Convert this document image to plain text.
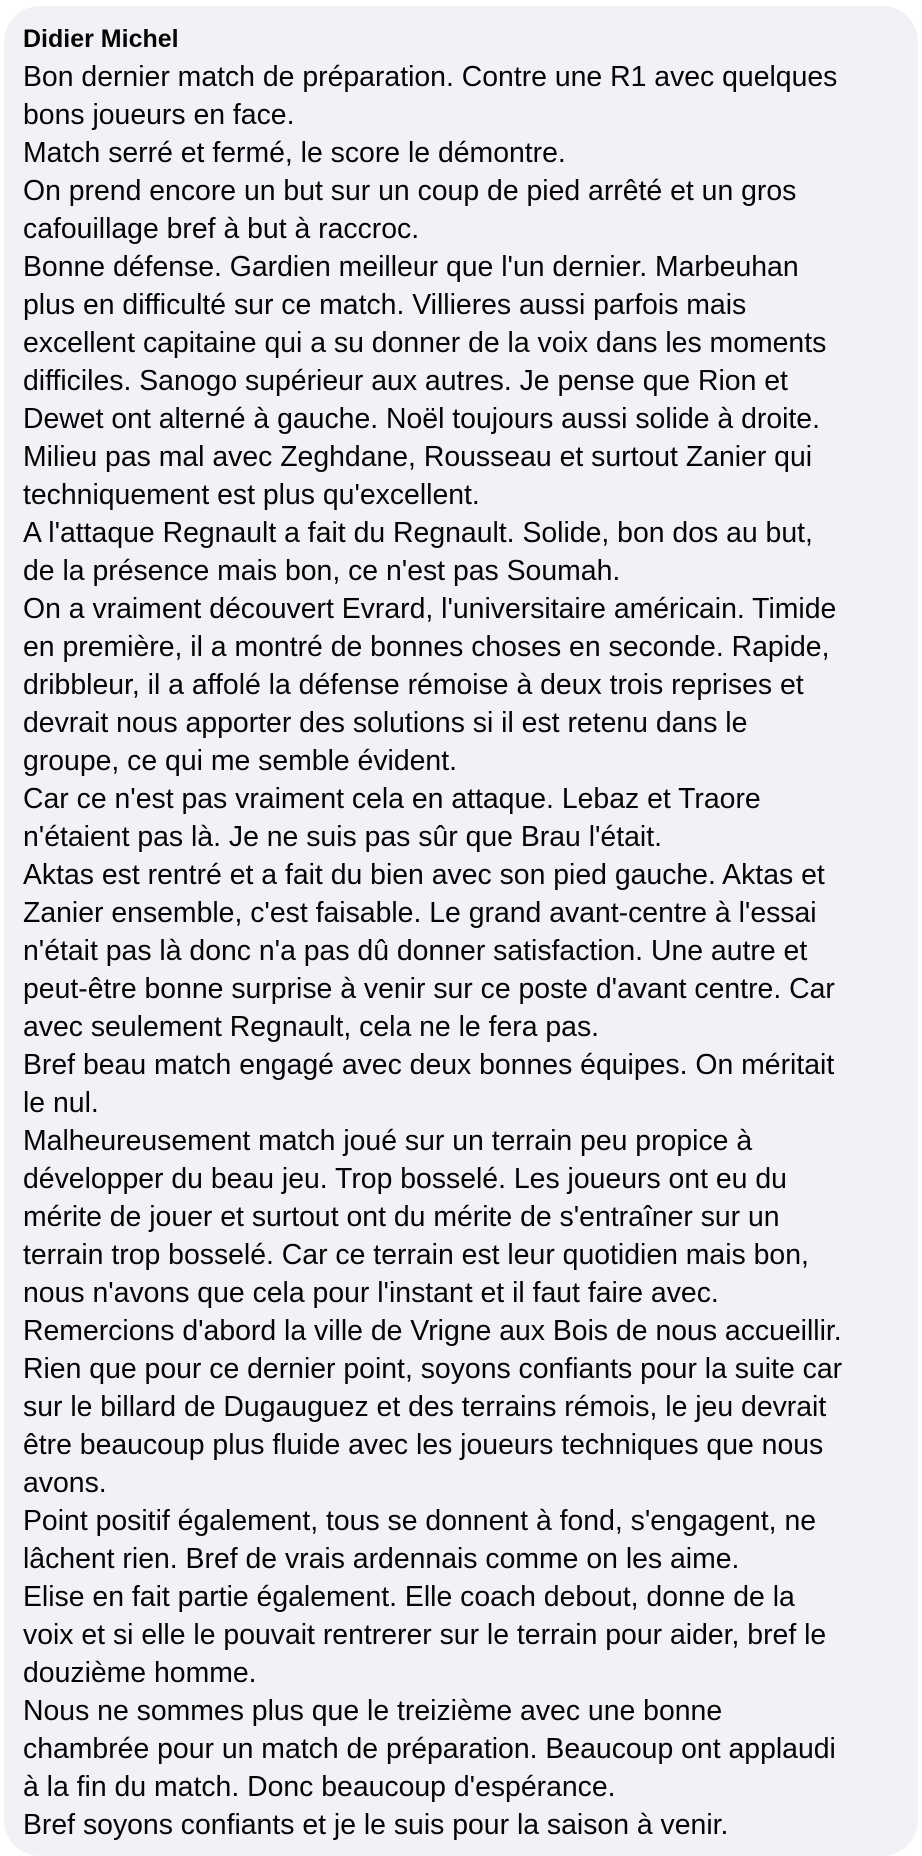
Didier Michel
Bon dernier match de préparation. Contre une R1 avec quelques
bons joueurs en face.
Match serré et fermé, le score le démontre.
On prend encore un but sur un coup de pied arrêté et un gros
cafouillage bref à but à raccroc.
Bonne défense. Gardien meilleur que l'un dernier. Marbeuhan
plus en difficulté sur ce match. Villieres aussi parfois mais
excellent capitaine qui a su donner de la voix dans les moments
difficiles. Sanogo supérieur aux autres. Je pense que Rion et
Dewet ont alterné à gauche. Noël toujours aussi solide à droite.
Milieu pas mal avec Zeghdane, Rousseau et surtout Zanier qui
techniquement est plus qu'excellent.
A l'attaque Regnault a fait du Regnault. Solide, bon dos au but,
de la présence mais bon, ce n'est pas Soumah.
On a vraiment découvert Evrard, l'universitaire américain. Timide
en première, il a montré de bonnes choses en seconde. Rapide,
dribbleur, il a affolé la défense rémoise à deux trois reprises et
devrait nous apporter des solutions si il est retenu dans le
groupe, ce qui me semble évident.
Car ce n'est pas vraiment cela en attaque. Lebaz et Traore
n'étaient pas là. Je ne suis pas sûr que Brau l'était.
Aktas est rentré et a fait du bien avec son pied gauche. Aktas et
Zanier ensemble, c'est faisable. Le grand avant-centre à l'essai
n'était pas là donc n'a pas dû donner satisfaction. Une autre et
peut-être bonne surprise à venir sur ce poste d'avant centre. Car
avec seulement Regnault, cela ne le fera pas.
Bref beau match engagé avec deux bonnes équipes. On méritait
le nul.
Malheureusement match joué sur un terrain peu propice à
développer du beau jeu. Trop bosselé. Les joueurs ont eu du
mérite de jouer et surtout ont du mérite de s'entraîner sur un
terrain trop bosselé. Car ce terrain est leur quotidien mais bon,
nous n'avons que cela pour l'instant et il faut faire avec.
Remercions d'abord la ville de Vrigne aux Bois de nous accueillir.
Rien que pour ce dernier point, soyons confiants pour la suite car
sur le billard de Dugauguez et des terrains rémois, le jeu devrait
être beaucoup plus fluide avec les joueurs techniques que nous
avons.
Point positif également, tous se donnent à fond, s'engagent, ne
lâchent rien. Bref de vrais ardennais comme on les aime.
Elise en fait partie également. Elle coach debout, donne de la
voix et si elle le pouvait rentrerer sur le terrain pour aider, bref le
douzième homme.
Nous ne sommes plus que le treizième avec une bonne
chambrée pour un match de préparation. Beaucoup ont applaudi
à la fin du match. Donc beaucoup d'espérance.
Bref soyons confiants et je le suis pour la saison à venir.
